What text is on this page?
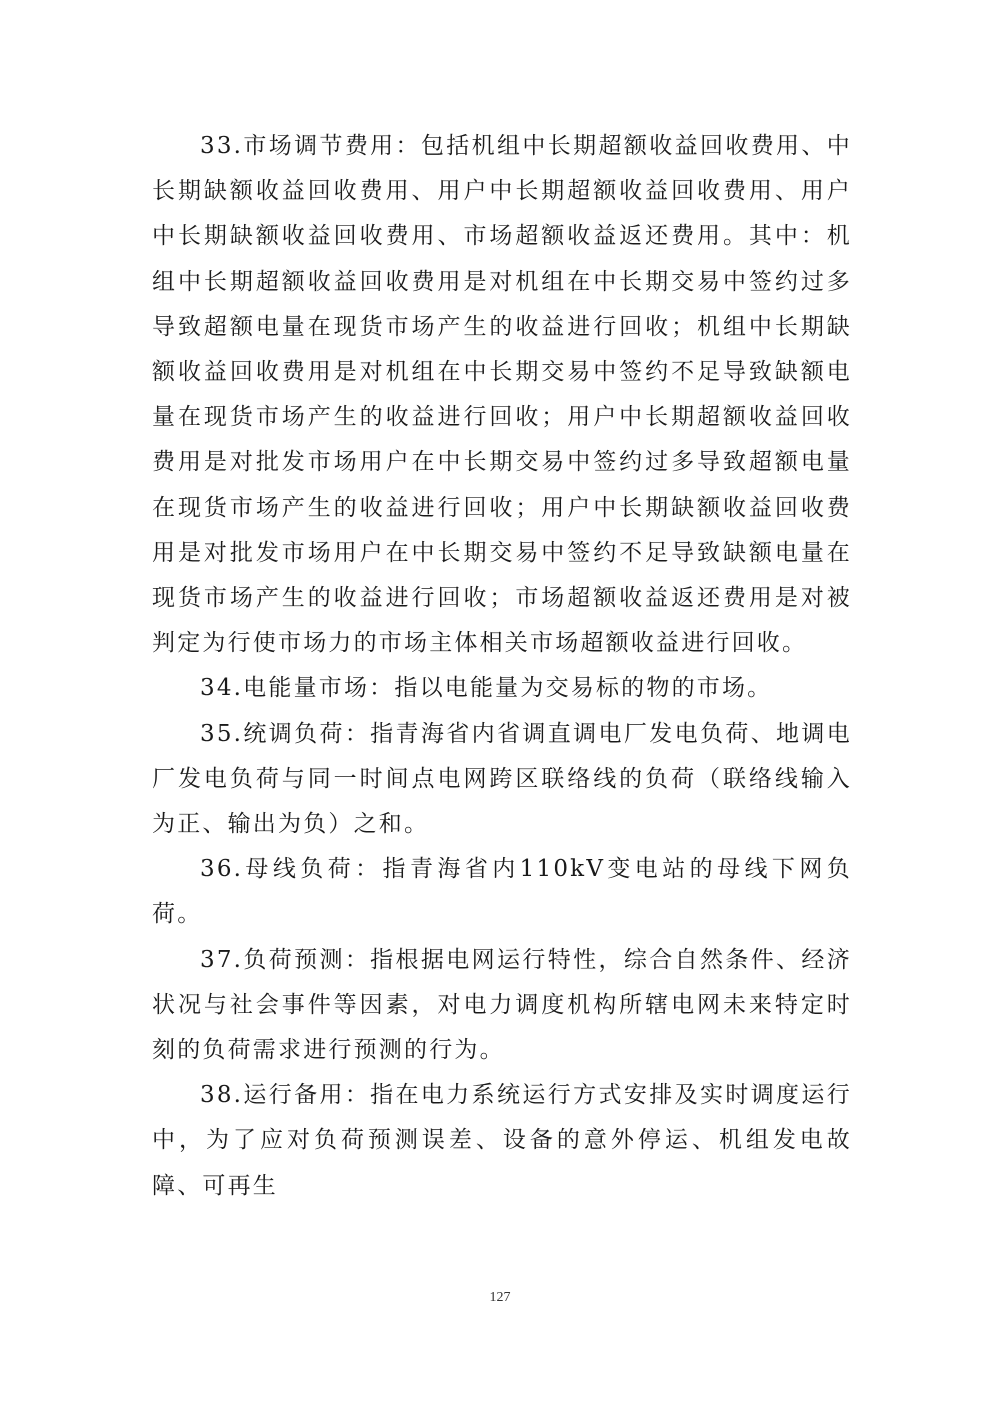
33.市场调节费用：包括机组中长期超额收益回收费用、中长期缺额收益回收费用、用户中长期超额收益回收费用、用户中长期缺额收益回收费用、市场超额收益返还费用。其中：机组中长期超额收益回收费用是对机组在中长期交易中签约过多导致超额电量在现货市场产生的收益进行回收；机组中长期缺额收益回收费用是对机组在中长期交易中签约不足导致缺额电量在现货市场产生的收益进行回收；用户中长期超额收益回收费用是对批发市场用户在中长期交易中签约过多导致超额电量在现货市场产生的收益进行回收；用户中长期缺额收益回收费用是对批发市场用户在中长期交易中签约不足导致缺额电量在现货市场产生的收益进行回收；市场超额收益返还费用是对被判定为行使市场力的市场主体相关市场超额收益进行回收。

34.电能量市场：指以电能量为交易标的物的市场。

35.统调负荷：指青海省内省调直调电厂发电负荷、地调电厂发电负荷与同一时间点电网跨区联络线的负荷（联络线输入为正、输出为负）之和。

36.母线负荷：指青海省内110kV变电站的母线下网负荷。

37.负荷预测：指根据电网运行特性，综合自然条件、经济状况与社会事件等因素，对电力调度机构所辖电网未来特定时刻的负荷需求进行预测的行为。

38.运行备用：指在电力系统运行方式安排及实时调度运行中，为了应对负荷预测误差、设备的意外停运、机组发电故障、可再生

127
